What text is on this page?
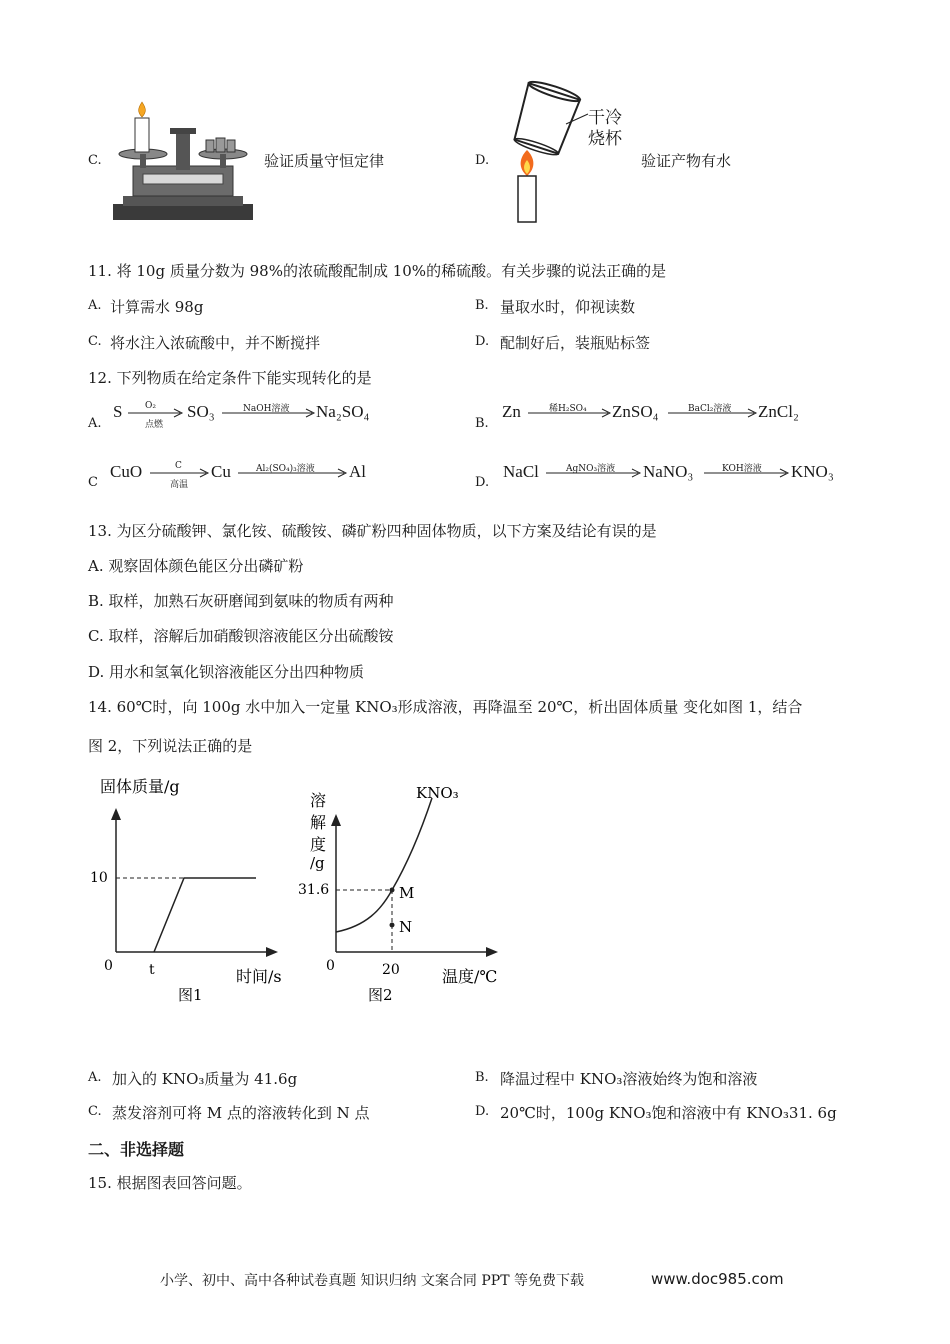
C.	验证质量守恒定律	D.
干冷
烧杯
验证产物有水
11. 将 10g 质量分数为 98%的浓硫酸配制成 10%的稀硫酸。有关步骤的说法正确的是
A. 计算需水 98g	B. 量取水时，仰视读数
C. 将水注入浓硫酸中，并不断搅拌	D. 配制好后，装瓶贴标签
12. 下列物质在给定条件下能实现转化的是
A.
S	O₂
点燃
SO₃	NaOH溶液 Na₂SO₄
B.
Zn	稀H₂SO₄ ZnSO₄	BaCl₂溶液 ZnCl₂
C
CuO	C
高温
Cu	Al₂(SO₄)₃溶液 Al
D.
NaCl	AgNO₃溶液 NaNO₃	KOH溶液 KNO₃
13. 为区分硫酸钾、氯化铵、硫酸铵、磷矿粉四种固体物质，以下方案及结论有误的是
A. 观察固体颜色能区分出磷矿粉
B. 取样，加熟石灰研磨闻到氨味的物质有两种
C. 取样，溶解后加硝酸钡溶液能区分出硫酸铵
D. 用水和氢氧化钡溶液能区分出四种物质
14. 60℃时，向 100g 水中加入一定量 KNO₃形成溶液，再降温至 20℃，析出固体质量 变化如图 1，结合
图 2，下列说法正确的是
固体质量/g
10
0	t	时间/s
图1
溶
解
度
/g
KNO₃
M
N
31.6
0	20	温度/℃
图2
A. 加入的 KNO₃质量为 41.6g	B. 降温过程中 KNO₃溶液始终为饱和溶液
C. 蒸发溶剂可将 M 点的溶液转化到 N 点	D. 20℃时，100g KNO₃饱和溶液中有 KNO₃31. 6g
二、非选择题
15. 根据图表回答问题。
小学、初中、高中各种试卷真题 知识归纳 文案合同 PPT 等免费下载	www.doc985.com
